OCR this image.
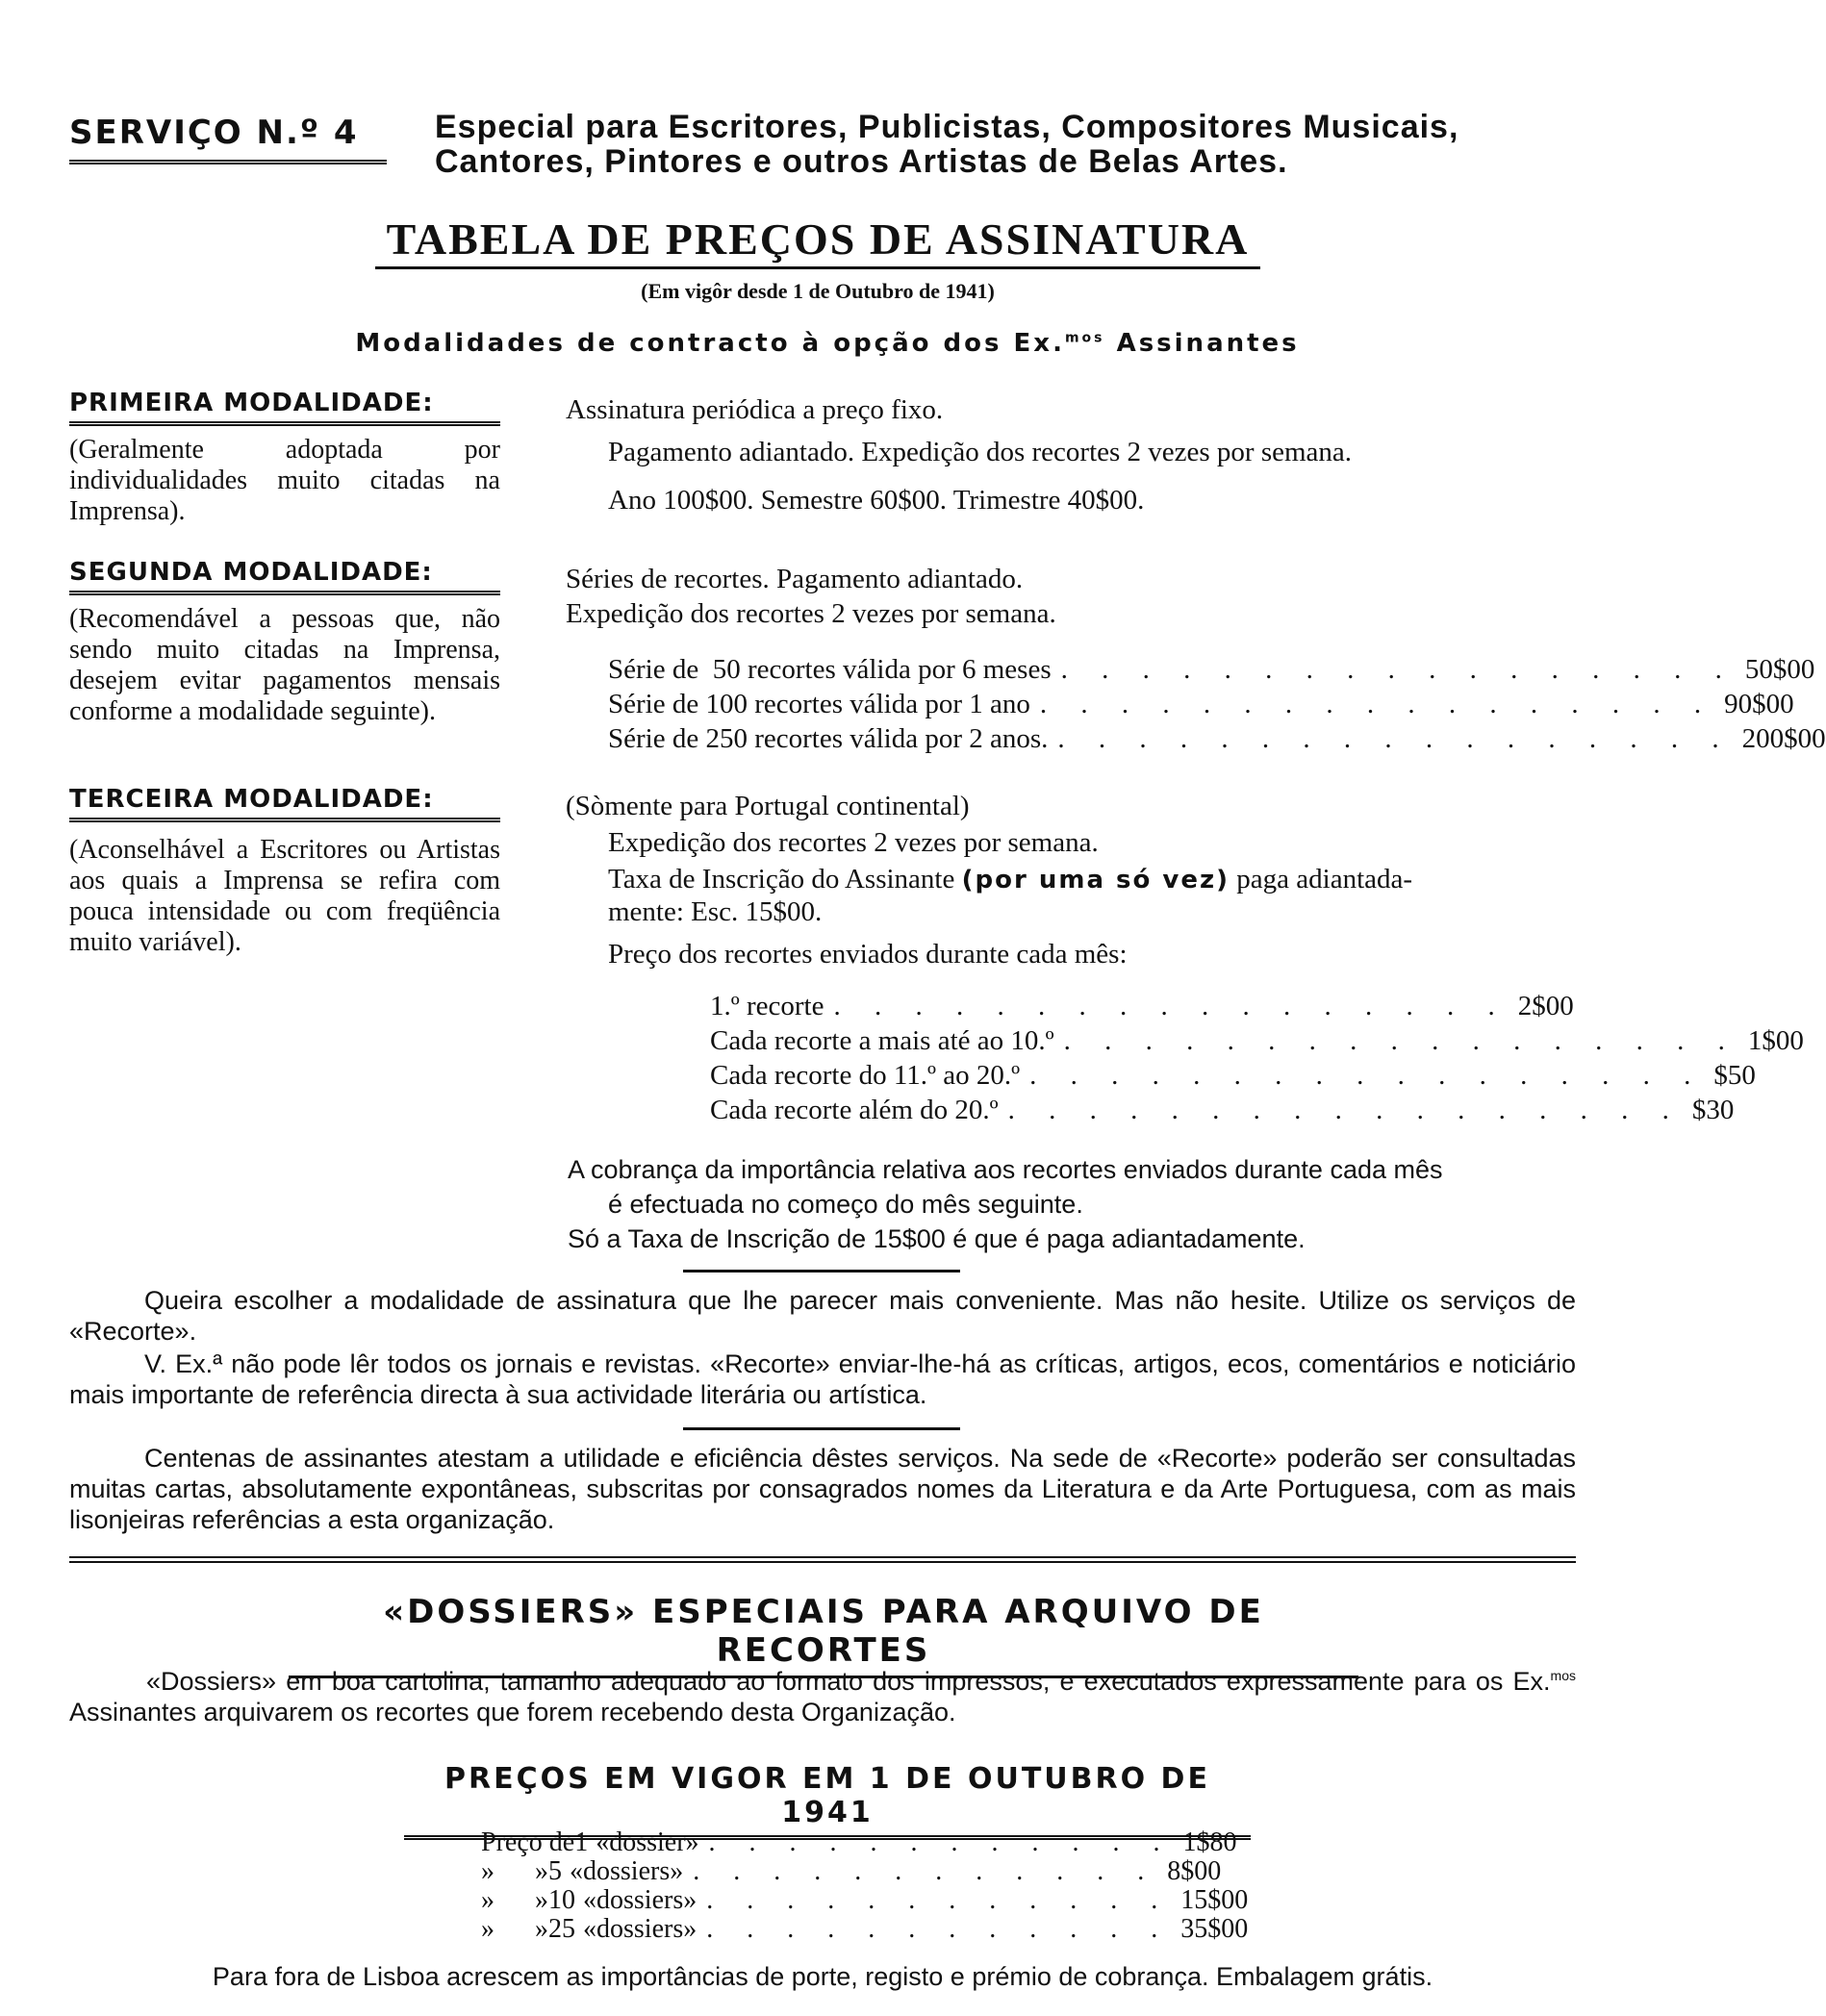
SERVIÇO N.º 4	Especial para Escritores, Publicistas, Compositores Musicais,
Cantores, Pintores e outros Artistas de Belas Artes.
TABELA DE PREÇOS DE ASSINATURA
(Em vigôr desde 1 de Outubro de 1941)
Modalidades de contracto à opção dos Ex.$^{mos}$ Assinantes
PRIMEIRA MODALIDADE:
(Geralmente adoptada por individualidades muito citadas na Imprensa).
Assinatura periódica a preço fixo.
Pagamento adiantado. Expedição dos recortes 2 vezes por semana.
Ano 100$00. Semestre 60$00. Trimestre 40$00.
SEGUNDA MODALIDADE:
(Recomendável a pessoas que, não sendo muito citadas na Imprensa, desejem evitar pagamentos mensais conforme a modalidade seguinte).
Séries de recortes. Pagamento adiantado.
Expedição dos recortes 2 vezes por semana.
Série de  50 recortes válida por 6 meses . . . . . . . . . . . . . . . . . 50$00
Série de 100 recortes válida por 1 ano . . . . . . . . . . . . . . . . . 90$00
Série de 250 recortes válida por 2 anos. . . . . . . . . . . . . . . . . . 200$00
TERCEIRA MODALIDADE:
(Aconselhável a Escritores ou Artistas aos quais a Imprensa se refira com pouca intensidade ou com freqüência muito variável).
(Sòmente para Portugal continental)
Expedição dos recortes 2 vezes por semana.
Taxa de Inscrição do Assinante (por uma só vez) paga adiantada-
mente: Esc. 15$00.
Preço dos recortes enviados durante cada mês:
1.º recorte . . . . . . . . . . . . . . . . . 2$00
Cada recorte a mais até ao 10.º . . . . . . . . . . . . . . . . . 1$00
Cada recorte do 11.º ao 20.º . . . . . . . . . . . . . . . . . $50
Cada recorte além do 20.º . . . . . . . . . . . . . . . . . $30
A cobrança da importância relativa aos recortes enviados durante cada mês
é efectuada no começo do mês seguinte.
Só a Taxa de Inscrição de 15$00 é que é paga adiantadamente.
Queira escolher a modalidade de assinatura que lhe parecer mais conveniente. Mas não hesite. Utilize os serviços de «Recorte».
V. Ex.ª não pode lêr todos os jornais e revistas. «Recorte» enviar-lhe-há as críticas, artigos, ecos, comentários e noticiário mais importante de referência directa à sua actividade literária ou artística.
Centenas de assinantes atestam a utilidade e eficiência dêstes serviços. Na sede de «Recorte» poderão ser consultadas muitas cartas, absolutamente expontâneas, subscritas por consagrados nomes da Literatura e da Arte Portuguesa, com as mais lisonjeiras referências a esta organização.
«DOSSIERS» ESPECIAIS PARA ARQUIVO DE RECORTES
«Dossiers» em boa cartolina, tamanho adequado ao formato dos impressos, e executados expressamente para os Ex.$^{mos}$ Assinantes arquivarem os recortes que forem recebendo desta Organização.
PREÇOS EM VIGOR EM 1 DE OUTUBRO DE 1941
Preço de 1 «dossier» . . . . . . . . . . . . 1$80
»      » 5 «dossiers» . . . . . . . . . . . . 8$00
»      » 10 «dossiers» . . . . . . . . . . . . 15$00
»      » 25 «dossiers» . . . . . . . . . . . . 35$00
Para fora de Lisboa acrescem as importâncias de porte, registo e prémio de cobrança. Embalagem grátis.
